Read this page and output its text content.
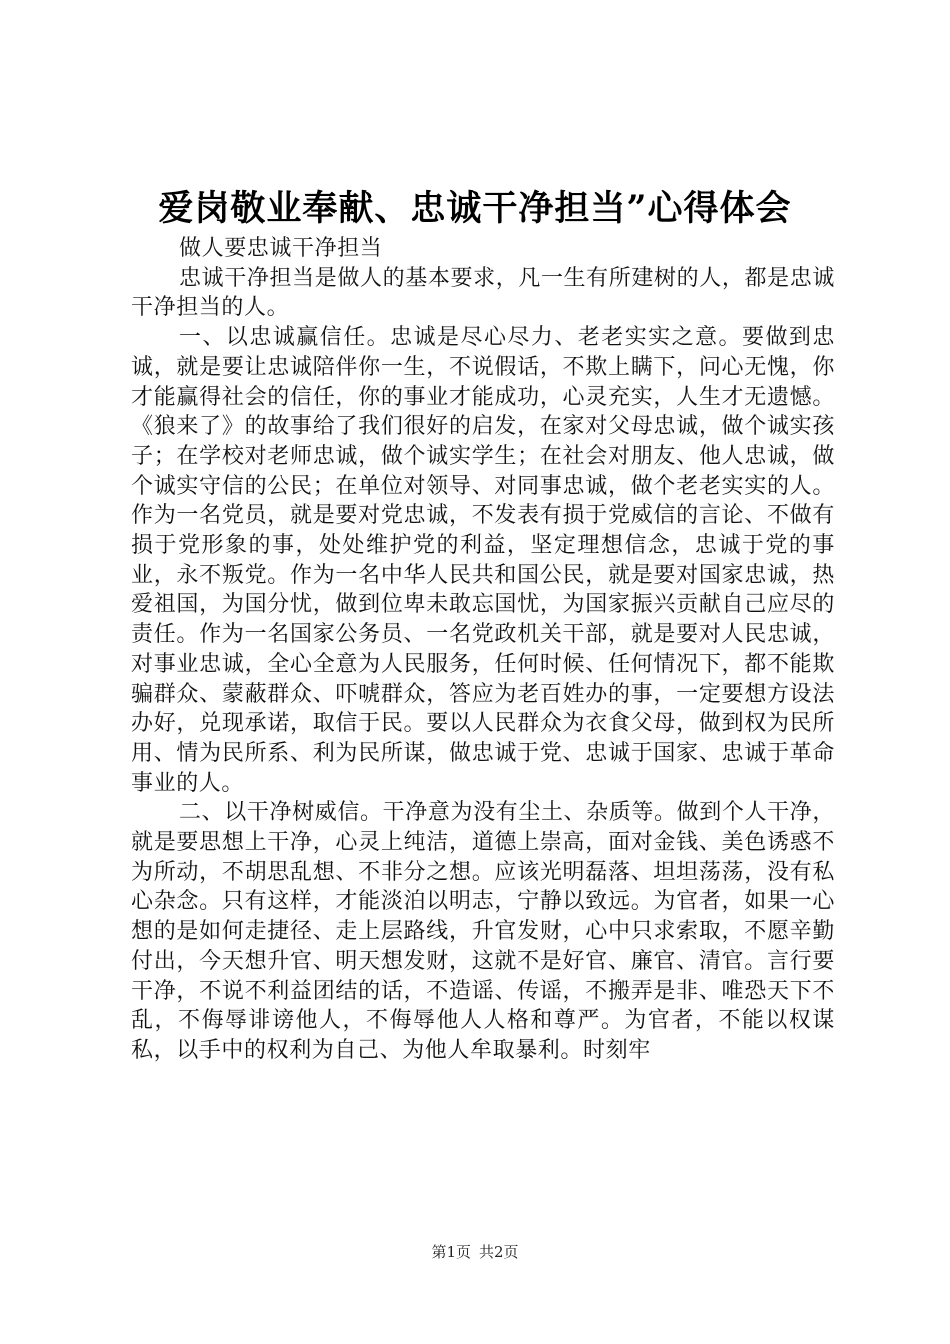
爱岗敬业奉献、忠诚干净担当”心得体会

做人要忠诚干净担当

忠诚干净担当是做人的基本要求，凡一生有所建树的人，都是忠诚干净担当的人。

一、以忠诚赢信任。忠诚是尽心尽力、老老实实之意。要做到忠诚，就是要让忠诚陪伴你一生，不说假话，不欺上瞒下，问心无愧，你才能赢得社会的信任，你的事业才能成功，心灵充实，人生才无遗憾。《狼来了》的故事给了我们很好的启发，在家对父母忠诚，做个诚实孩子；在学校对老师忠诚，做个诚实学生；在社会对朋友、他人忠诚，做个诚实守信的公民；在单位对领导、对同事忠诚，做个老老实实的人。作为一名党员，就是要对党忠诚，不发表有损于党威信的言论、不做有损于党形象的事，处处维护党的利益，坚定理想信念，忠诚于党的事业，永不叛党。作为一名中华人民共和国公民，就是要对国家忠诚，热爱祖国，为国分忧，做到位卑未敢忘国忧，为国家振兴贡献自己应尽的责任。作为一名国家公务员、一名党政机关干部，就是要对人民忠诚，对事业忠诚，全心全意为人民服务，任何时候、任何情况下，都不能欺骗群众、蒙蔽群众、吓唬群众，答应为老百姓办的事，一定要想方设法办好，兑现承诺，取信于民。要以人民群众为衣食父母，做到权为民所用、情为民所系、利为民所谋，做忠诚于党、忠诚于国家、忠诚于革命事业的人。

二、以干净树威信。干净意为没有尘土、杂质等。做到个人干净，就是要思想上干净，心灵上纯洁，道德上崇高，面对金钱、美色诱惑不为所动，不胡思乱想、不非分之想。应该光明磊落、坦坦荡荡，没有私心杂念。只有这样，才能淡泊以明志，宁静以致远。为官者，如果一心想的是如何走捷径、走上层路线，升官发财，心中只求索取，不愿辛勤付出，今天想升官、明天想发财，这就不是好官、廉官、清官。言行要干净，不说不利益团结的话，不造谣、传谣，不搬弄是非、唯恐天下不乱，不侮辱诽谤他人，不侮辱他人人格和尊严。为官者，不能以权谋私，以手中的权利为自己、为他人牟取暴利。时刻牢

第1页 共2页
